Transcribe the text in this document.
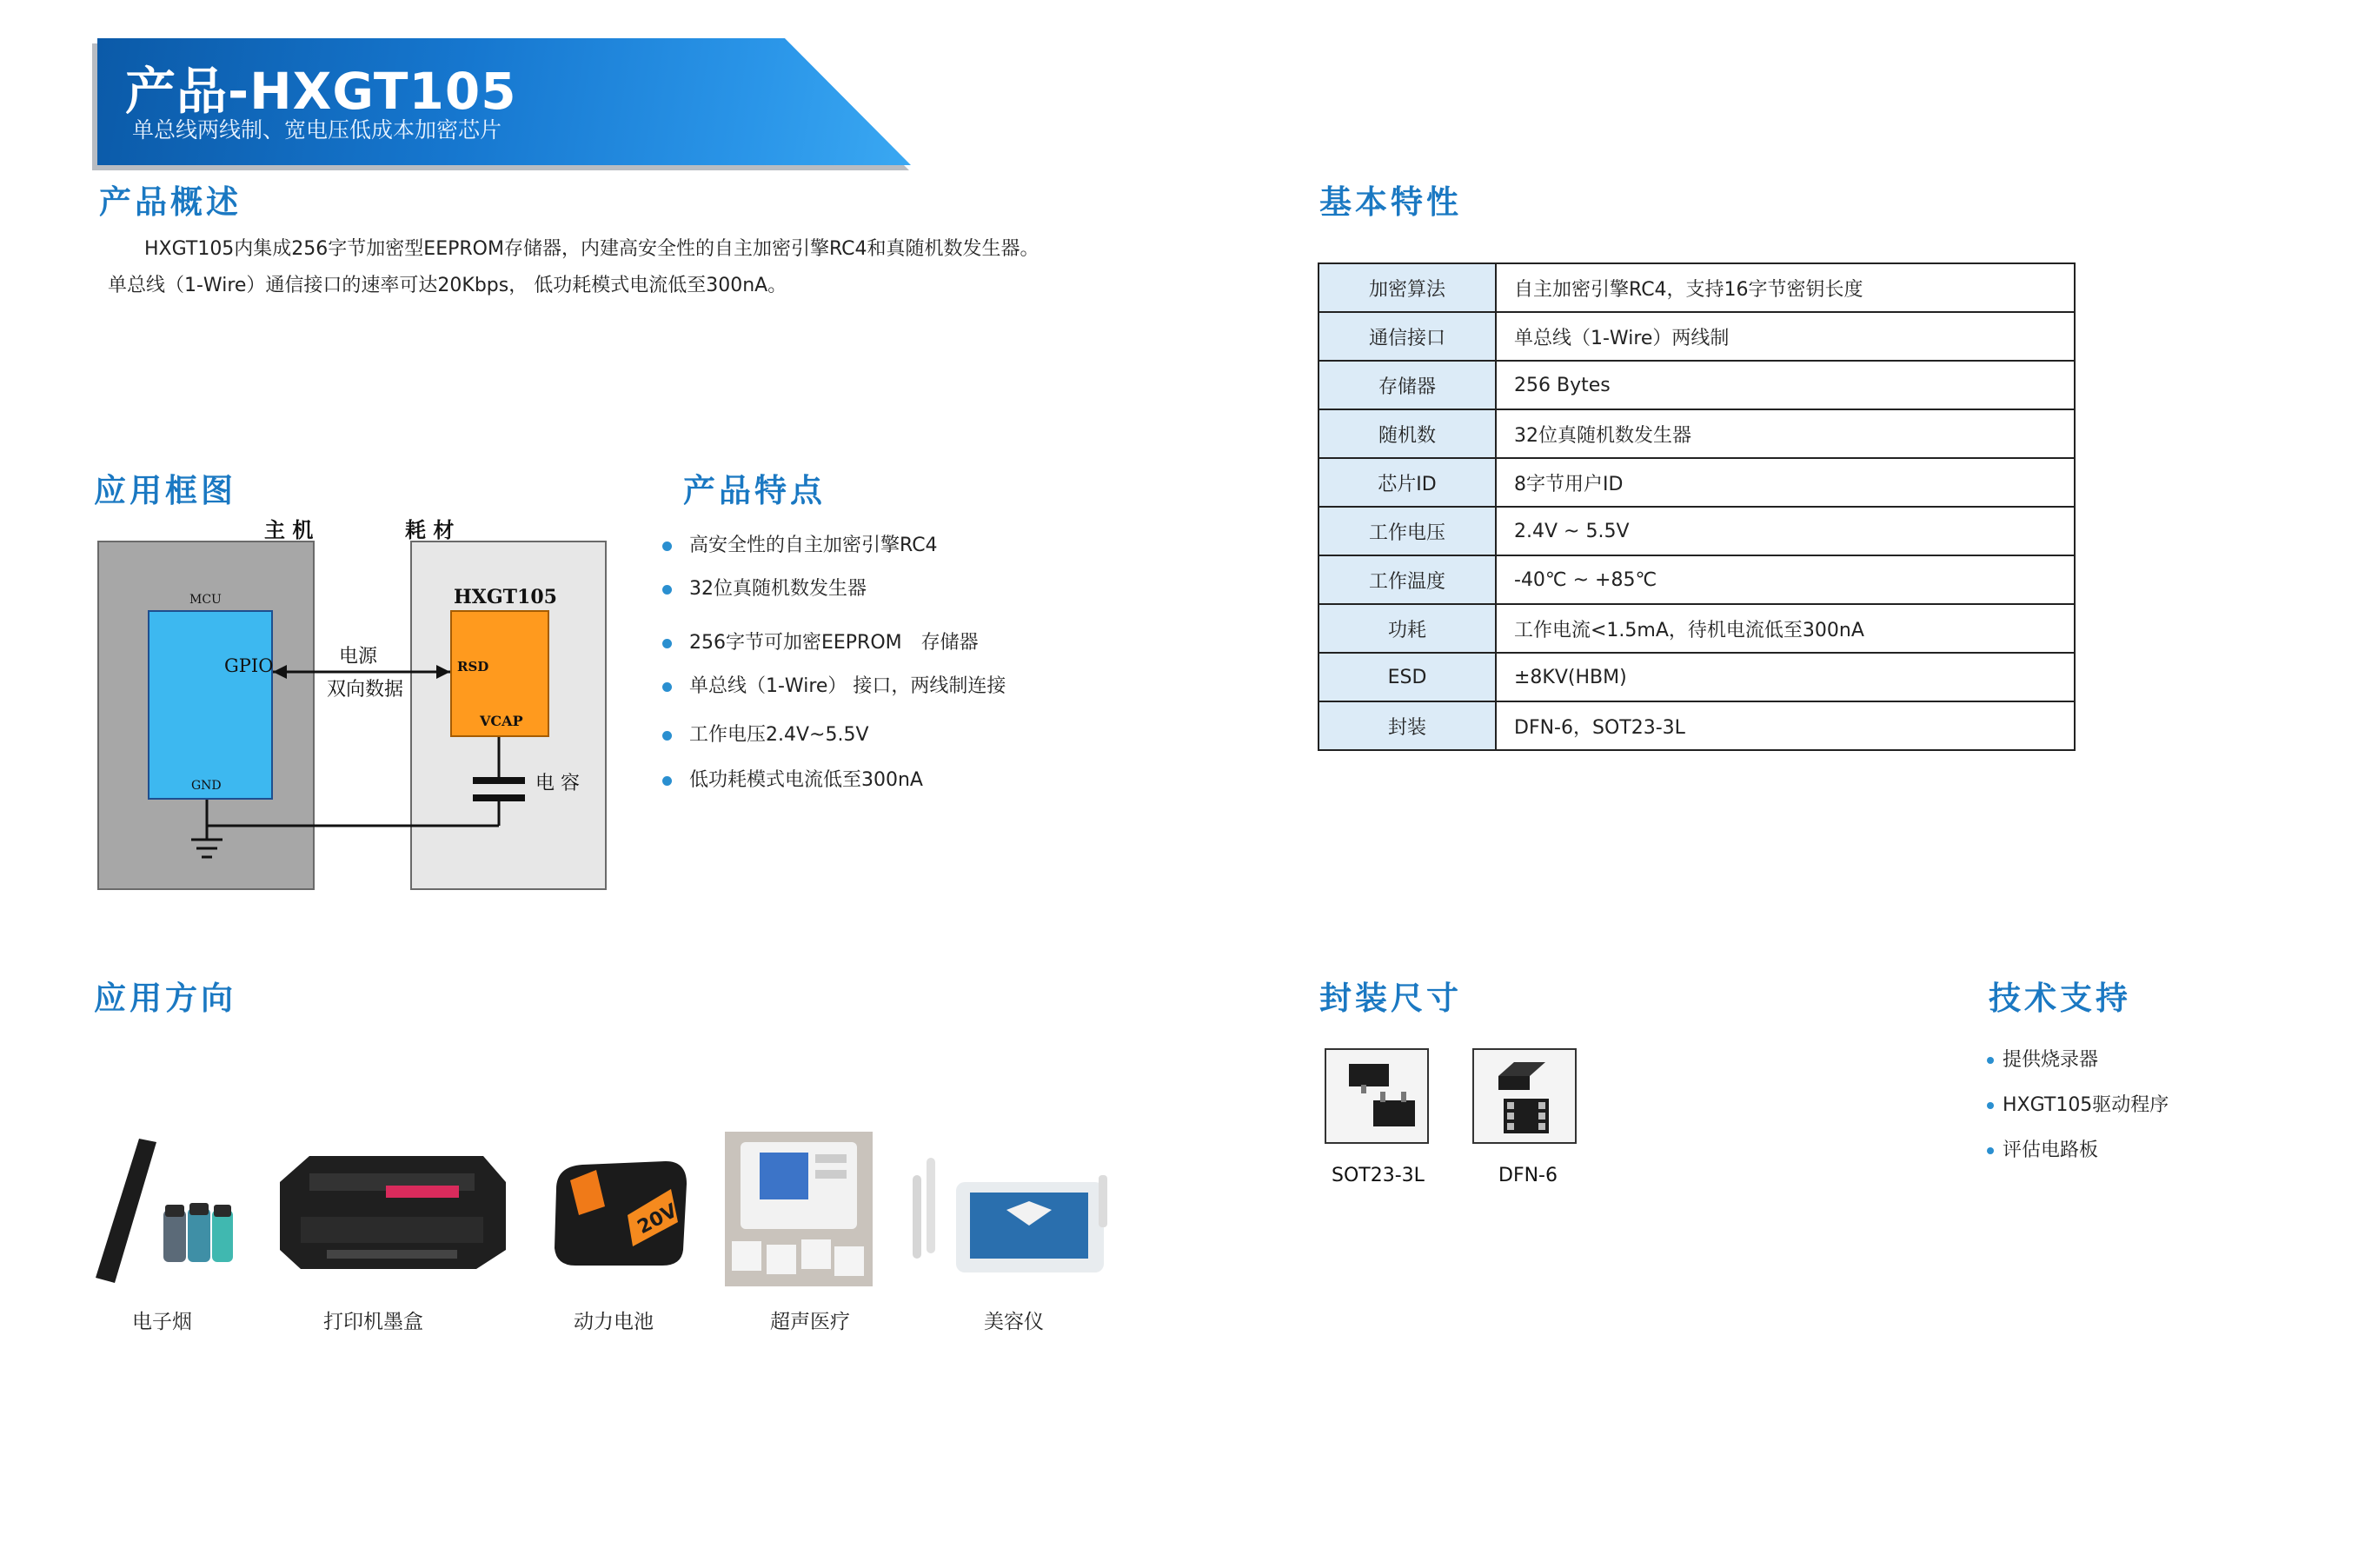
产品-HXGT105
单总线两线制、宽电压低成本加密芯片
产品概述
HXGT105内集成256字节加密型EEPROM存储器，内建高安全性的自主加密引擎RC4和真随机数发生器。单总线（1-Wire）通信接口的速率可达20Kbps， 低功耗模式电流低至300nA。
基本特性
加密算法	自主加密引擎RC4，支持16字节密钥长度
通信接口	单总线（1-Wire）两线制
存储器	256 Bytes
随机数	32位真随机数发生器
芯片ID	8字节用户ID
工作电压	2.4V ~ 5.5V
工作温度	-40℃ ~ +85℃
功耗	工作电流<1.5mA，待机电流低至300nA
ESD	±8KV(HBM)
封装	DFN-6，SOT23-3L
应用框图
主 机	耗 材
MCU
GPIO
GND
HXGT105
RSD
VCAP
电源
双向数据
电 容
产品特点
高安全性的自主加密引擎RC4
32位真随机数发生器
256字节可加密EEPROM　存储器
单总线（1-Wire） 接口，两线制连接
工作电压2.4V~5.5V
低功耗模式电流低至300nA
应用方向
20V
电子烟	打印机墨盒	动力电池	超声医疗	美容仪
封装尺寸
SOT23-3L	DFN-6
技术支持
提供烧录器
HXGT105驱动程序
评估电路板
